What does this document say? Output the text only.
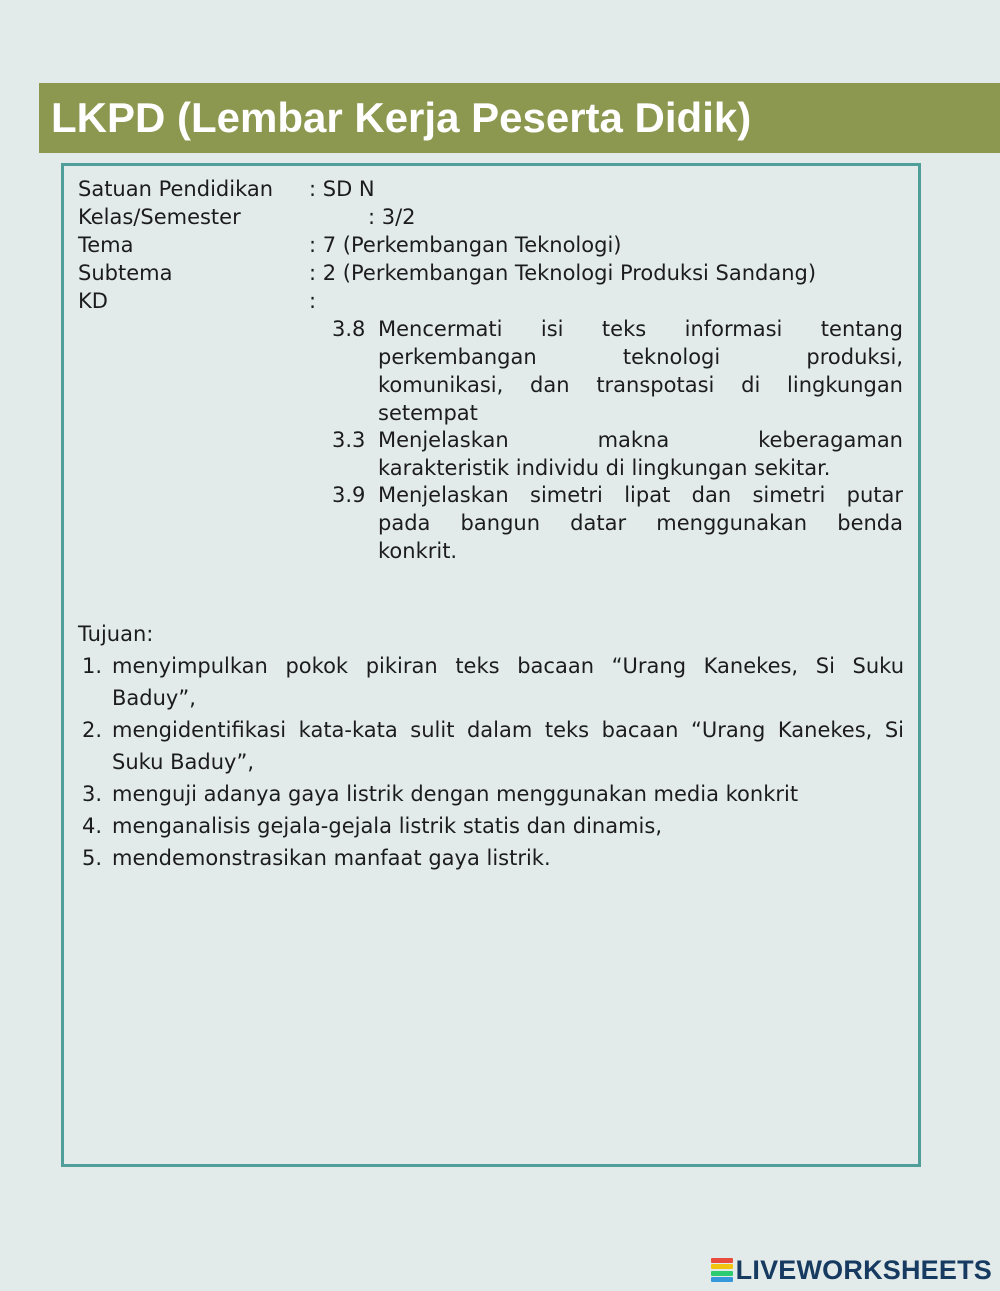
LKPD (Lembar Kerja Peserta Didik)
Satuan Pendidikan : SD N
Kelas/Semester	: 3/2
Tema	: 7 (Perkembangan Teknologi)
Subtema	: 2 (Perkembangan Teknologi Produksi Sandang)
KD	:
3.8 Mencermati isi teks informasi tentang
perkembangan teknologi produksi,
komunikasi, dan transpotasi di lingkungan
setempat
3.3 Menjelaskan makna keberagaman
karakteristik individu di lingkungan sekitar.
3.9 Menjelaskan simetri lipat dan simetri putar
pada bangun datar menggunakan benda
konkrit.
Tujuan:
1. menyimpulkan pokok pikiran teks bacaan “Urang Kanekes, Si Suku Baduy”,
2. mengidentifikasi kata-kata sulit dalam teks bacaan “Urang Kanekes, Si Suku Baduy”,
3. menguji adanya gaya listrik dengan menggunakan media konkrit
4. menganalisis gejala-gejala listrik statis dan dinamis,
5. mendemonstrasikan manfaat gaya listrik.
LIVEWORKSHEETS
